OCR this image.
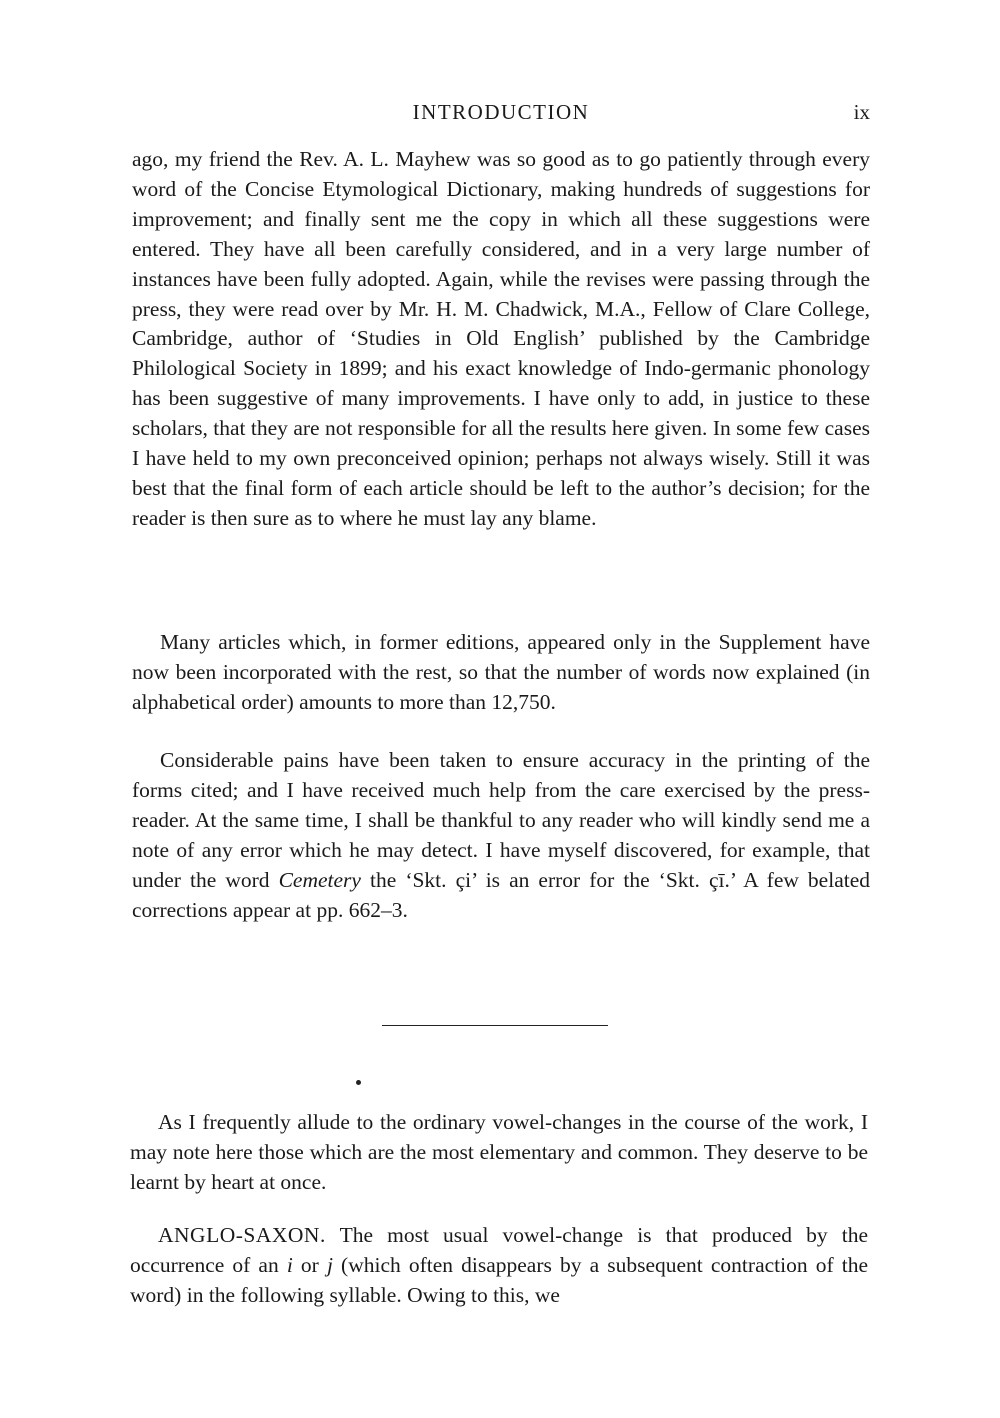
INTRODUCTION	ix

ago, my friend the Rev. A. L. Mayhew was so good as to go patiently through every word of the Concise Etymological Dictionary, making hundreds of suggestions for improvement; and finally sent me the copy in which all these suggestions were entered. They have all been carefully considered, and in a very large number of instances have been fully adopted. Again, while the revises were passing through the press, they were read over by Mr. H. M. Chadwick, M.A., Fellow of Clare College, Cambridge, author of ‘Studies in Old English’ published by the Cambridge Philological Society in 1899; and his exact knowledge of Indo-germanic phonology has been suggestive of many improvements. I have only to add, in justice to these scholars, that they are not responsible for all the results here given. In some few cases I have held to my own preconceived opinion; perhaps not always wisely. Still it was best that the final form of each article should be left to the author’s decision; for the reader is then sure as to where he must lay any blame.

Many articles which, in former editions, appeared only in the Supplement have now been incorporated with the rest, so that the number of words now explained (in alphabetical order) amounts to more than 12,750.

Considerable pains have been taken to ensure accuracy in the printing of the forms cited; and I have received much help from the care exercised by the press-reader. At the same time, I shall be thankful to any reader who will kindly send me a note of any error which he may detect. I have myself discovered, for example, that under the word Cemetery the ‘Skt. çi’ is an error for the ‘Skt. çī.’ A few belated corrections appear at pp. 662–3.

As I frequently allude to the ordinary vowel-changes in the course of the work, I may note here those which are the most elementary and common. They deserve to be learnt by heart at once.

ANGLO-SAXON. The most usual vowel-change is that produced by the occurrence of an i or j (which often disappears by a subsequent contraction of the word) in the following syllable. Owing to this, we
